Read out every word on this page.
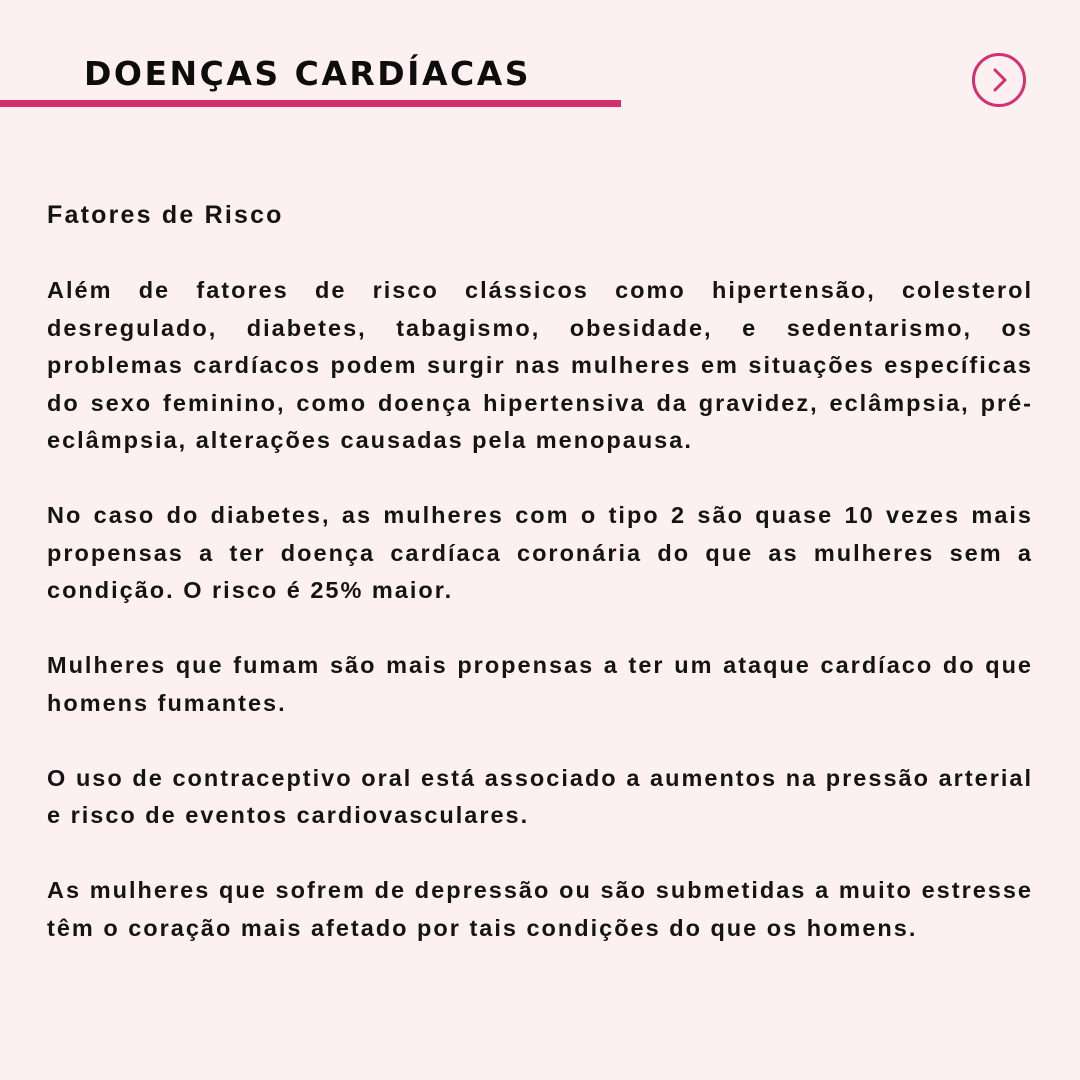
DOENÇAS CARDÍACAS

Fatores de Risco

Além de fatores de risco clássicos como hipertensão, colesterol desregulado, diabetes, tabagismo, obesidade, e sedentarismo, os problemas cardíacos podem surgir nas mulheres em situações específicas do sexo feminino, como doença hipertensiva da gravidez, eclâmpsia, pré-eclâmpsia, alterações causadas pela menopausa.

No caso do diabetes, as mulheres com o tipo 2 são quase 10 vezes mais propensas a ter doença cardíaca coronária do que as mulheres sem a condição. O risco é 25% maior.

Mulheres que fumam são mais propensas a ter um ataque cardíaco do que homens fumantes.

O uso de contraceptivo oral está associado a aumentos na pressão arterial e risco de eventos cardiovasculares.

As mulheres que sofrem de depressão ou são submetidas a muito estresse têm o coração mais afetado por tais condições do que os homens.
